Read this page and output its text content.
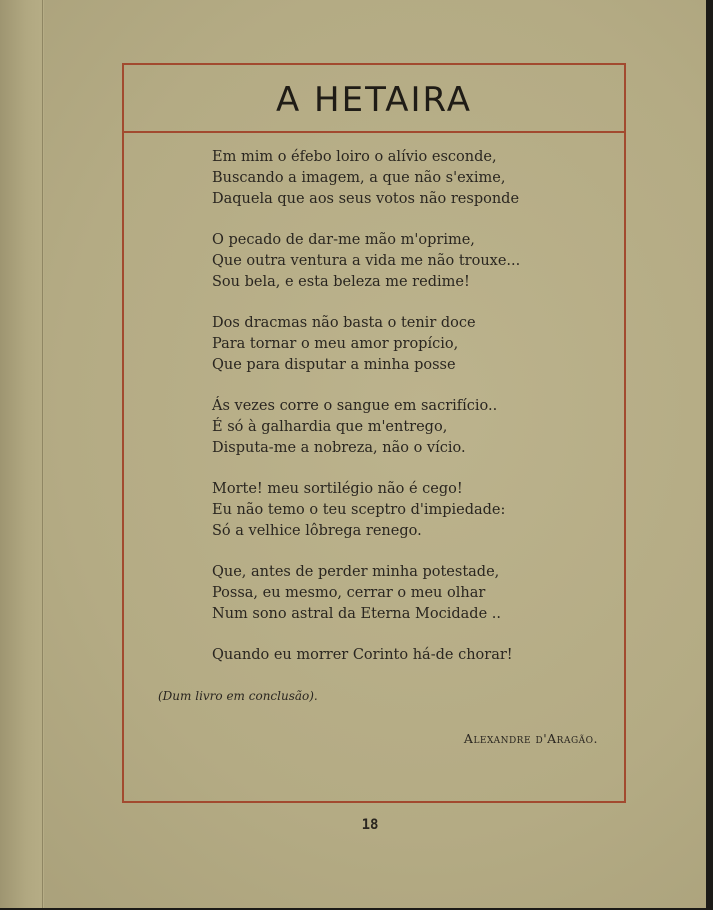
A HETAIRA
Em mim o éfebo loiro o alívio esconde,
Buscando a imagem, a que não s'exime,
Daquela que aos seus votos não responde
O pecado de dar-me mão m'oprime,
Que outra ventura a vida me não trouxe...
Sou bela, e esta beleza me redime!
Dos dracmas não basta o tenir doce
Para tornar o meu amor propício,
Que para disputar a minha posse
Ás vezes corre o sangue em sacrifício..
É só à galhardia que m'entrego,
Disputa-me a nobreza, não o vício.
Morte! meu sortilégio não é cego!
Eu não temo o teu sceptro d'impiedade:
Só a velhice lôbrega renego.
Que, antes de perder minha potestade,
Possa, eu mesmo, cerrar o meu olhar
Num sono astral da Eterna Mocidade ..
Quando eu morrer Corinto há-de chorar!
(Dum livro em conclusão).
Alexandre d'Aragão.
18
